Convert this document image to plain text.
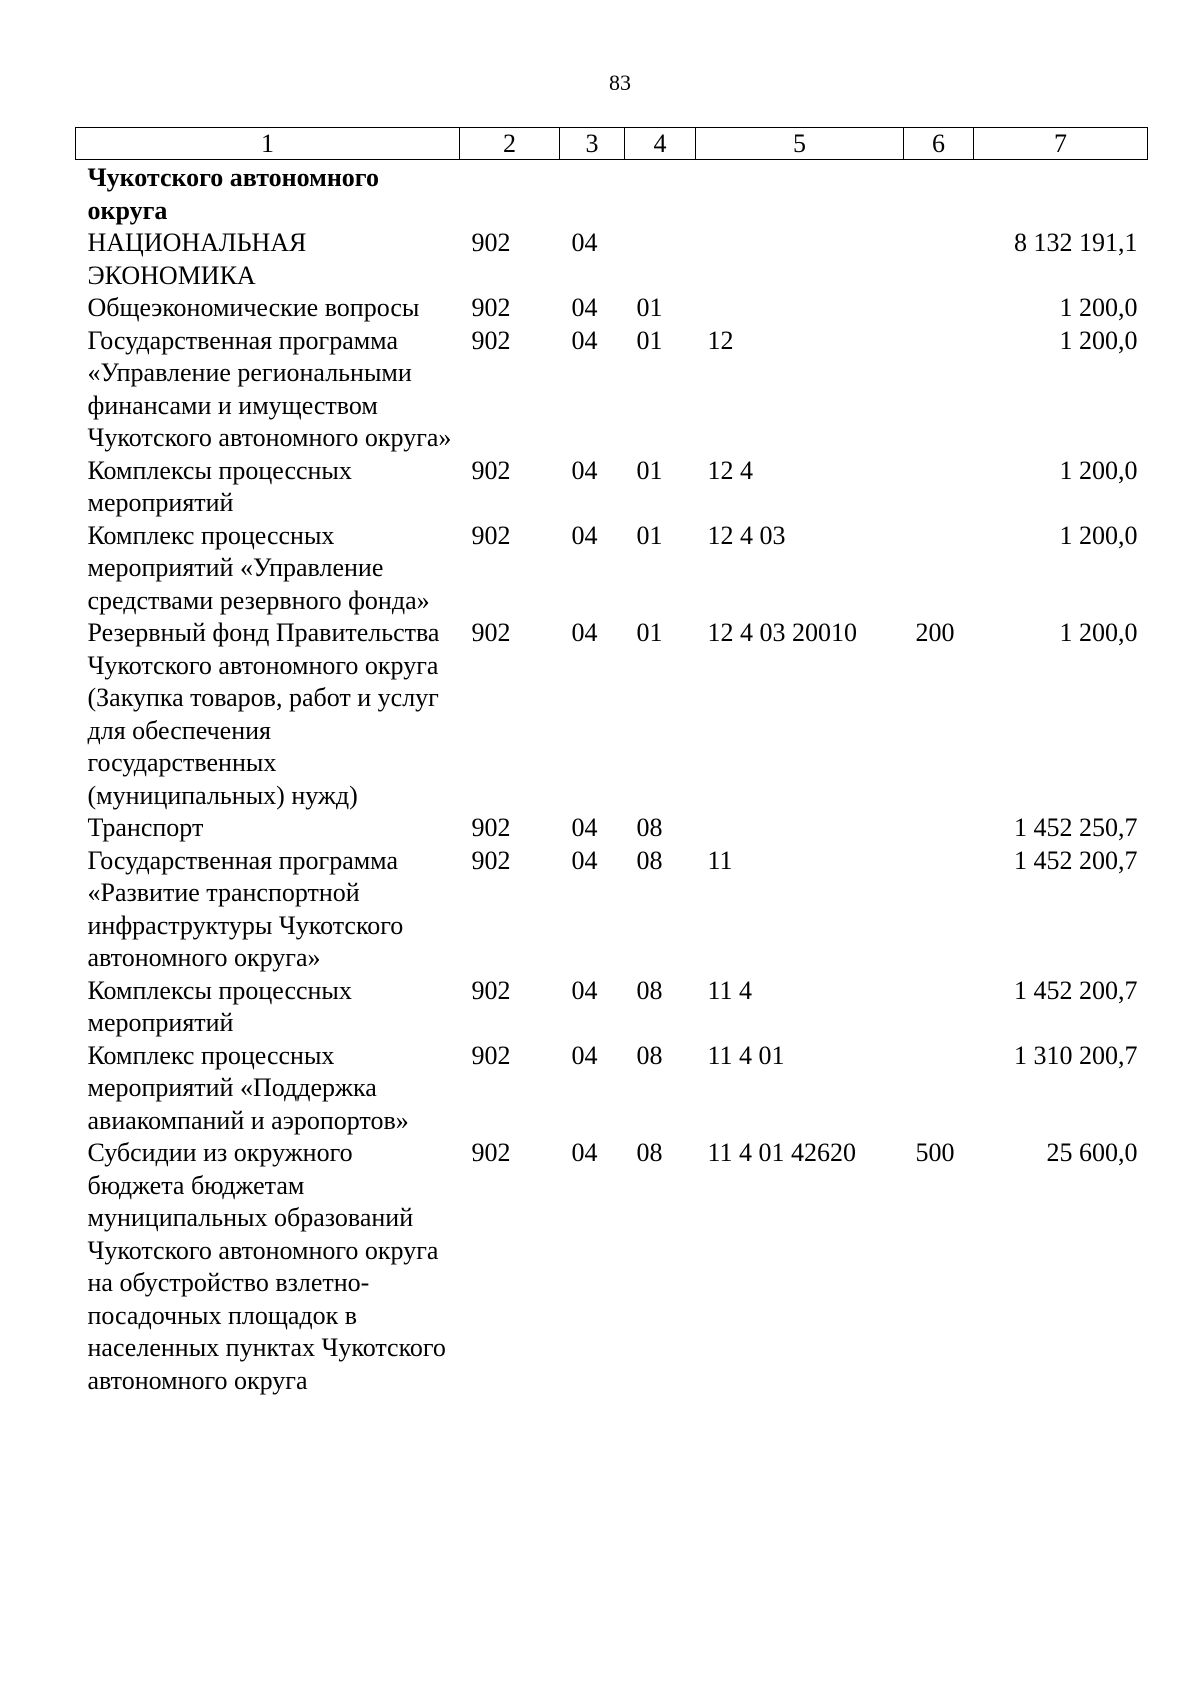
83
1	2	3	4	5	6	7
Чукотского автономного округа						
НАЦИОНАЛЬНАЯ ЭКОНОМИКА	902	04				8 132 191,1
Общеэкономические вопросы	902	04	01			1 200,0
Государственная программа «Управление региональными финансами и имуществом Чукотского автономного округа»	902	04	01	12		1 200,0
Комплексы процессных мероприятий	902	04	01	12 4		1 200,0
Комплекс процессных мероприятий «Управление средствами резервного фонда»	902	04	01	12 4 03		1 200,0
Резервный фонд Правительства Чукотского автономного округа (Закупка товаров, работ и услуг для обеспечения государственных (муниципальных) нужд)	902	04	01	12 4 03 20010	200	1 200,0
Транспорт	902	04	08			1 452 250,7
Государственная программа «Развитие транспортной инфраструктуры Чукотского автономного округа»	902	04	08	11		1 452 200,7
Комплексы процессных мероприятий	902	04	08	11 4		1 452 200,7
Комплекс процессных мероприятий «Поддержка авиакомпаний и аэропортов»	902	04	08	11 4 01		1 310 200,7
Субсидии из окружного бюджета бюджетам муниципальных образований Чукотского автономного округа на обустройство взлетно-посадочных площадок в населенных пунктах Чукотского автономного округа	902	04	08	11 4 01 42620	500	25 600,0
